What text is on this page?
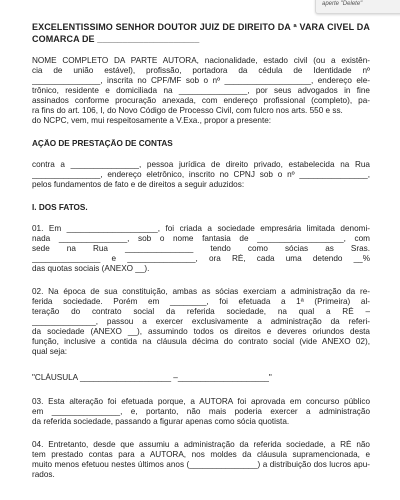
aperte "Delete"
EXCELENTÍSSIMO SENHOR DOUTOR JUIZ DE DIREITO DA ª VARA CÍVEL DA
COMARCA DE ____________________
NOME COMPLETO DA PARTE AUTORA, nacionalidade, estado civil (ou a existên-
cia de união estável), profissão, portadora da cédula de Identidade nº
_______________, inscrita no CPF/MF sob o nº ___________________, endereço ele-
trônico, residente e domiciliada na _______________, por seus advogados in fine
assinados conforme procuração anexada, com endereço profissional (completo), pa-
ra fins do art. 106, I, do Novo Código de Processo Civil, com fulcro nos arts. 550 e ss.
do NCPC, vem, mui respeitosamente a V.Exa., propor a presente:
AÇÃO DE PRESTAÇÃO DE CONTAS
contra a _______________, pessoa jurídica de direito privado, estabelecida na Rua
_______________, endereço eletrônico, inscrito no CPNJ sob o nº _______________,
pelos fundamentos de fato e de direitos a seguir aduzidos:
I. DOS FATOS.
01. Em ____________________, foi criada a sociedade empresária limitada denomi-
nada _______________, sob o nome fantasia de ___________________, com
sede na Rua _______________ tendo como sócias as Sras.
_______________ e _______________, ora RÉ, cada uma detendo __%
das quotas sociais (ANEXO __).
02. Na época de sua constituição, ambas as sócias exerciam a administração da re-
ferida sociedade. Porém em ________, foi efetuada a 1ª (Primeira) al-
teração do contrato social da referida sociedade, na qual a RÉ –
______________, passou a exercer exclusivamente a administração da referi-
da sociedade (ANEXO __), assumindo todos os direitos e deveres oriundos desta
função, inclusive a contida na cláusula décima do contrato social (vide ANEXO 02),
qual seja:
"CLÁUSULA ____________________ –____________________"
03. Esta alteração foi efetuada porque, a AUTORA foi aprovada em concurso público
em _______________, e, portanto, não mais poderia exercer a administração
da referida sociedade, passando a figurar apenas como sócia quotista.
04. Entretanto, desde que assumiu a administração da referida sociedade, a RÉ não
tem prestado contas para a AUTORA, nos moldes da cláusula supramencionada, e
muito menos efetuou nestes últimos anos (_______________) a distribuição dos lucros apu-
rados.
